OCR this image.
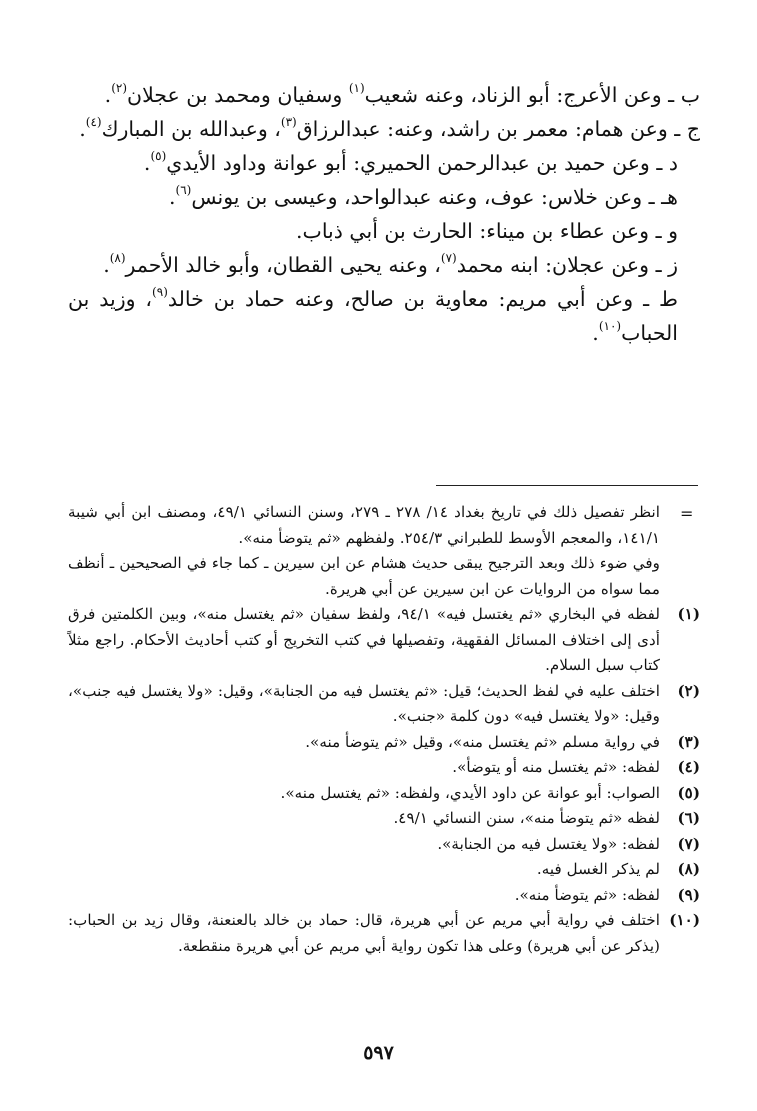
ب ـ وعن الأعرج: أبو الزناد، وعنه شعيب$^{(١)}$ وسفيان ومحمد بن عجلان$^{(٢)}$.

ج ـ وعن همام: معمر بن راشد، وعنه: عبدالرزاق$^{(٣)}$، وعبدالله بن المبارك$^{(٤)}$.

د ـ وعن حميد بن عبدالرحمن الحميري: أبو عوانة وداود الأيدي$^{(٥)}$.

هـ ـ وعن خلاس: عوف، وعنه عبدالواحد، وعيسى بن يونس$^{(٦)}$.

و ـ وعن عطاء بن ميناء: الحارث بن أبي ذباب.

ز ـ وعن عجلان: ابنه محمد$^{(٧)}$، وعنه يحيى القطان، وأبو خالد الأحمر$^{(٨)}$.

ط ـ وعن أبي مريم: معاوية بن صالح، وعنه حماد بن خالد$^{(٩)}$، وزيد بن الحباب$^{(١٠)}$.

=
انظر تفصيل ذلك في تاريخ بغداد ١٤/ ٢٧٨ ـ ٢٧٩، وسنن النسائي ٤٩/١، ومصنف ابن أبي شيبة ١٤١/١، والمعجم الأوسط للطبراني ٢٥٤/٣. ولفظهم «ثم يتوضأ منه».
وفي ضوء ذلك وبعد الترجيح يبقى حديث هشام عن ابن سيرين ـ كما جاء في الصحيحين ـ أنظف مما سواه من الروايات عن ابن سيرين عن أبي هريرة.
(١)
لفظه في البخاري «ثم يغتسل فيه» ٩٤/١، ولفظ سفيان «ثم يغتسل منه»، وبين الكلمتين فرق أدى إلى اختلاف المسائل الفقهية، وتفصيلها في كتب التخريج أو كتب أحاديث الأحكام. راجع مثلاً كتاب سبل السلام.
(٢)
اختلف عليه في لفظ الحديث؛ قيل: «ثم يغتسل فيه من الجنابة»، وقيل: «ولا يغتسل فيه جنب»، وقيل: «ولا يغتسل فيه» دون كلمة «جنب».
(٣)
في رواية مسلم «ثم يغتسل منه»، وقيل «ثم يتوضأ منه».
(٤)
لفظه: «ثم يغتسل منه أو يتوضأ».
(٥)
الصواب: أبو عوانة عن داود الأيدي، ولفظه: «ثم يغتسل منه».
(٦)
لفظه «ثم يتوضأ منه»، سنن النسائي ٤٩/١.
(٧)
لفظه: «ولا يغتسل فيه من الجنابة».
(٨)
لم يذكر الغسل فيه.
(٩)
لفظه: «ثم يتوضأ منه».
(١٠)
اختلف في رواية أبي مريم عن أبي هريرة، قال: حماد بن خالد بالعنعنة، وقال زيد بن الحباب: (يذكر عن أبي هريرة) وعلى هذا تكون رواية أبي مريم عن أبي هريرة منقطعة.
٥٩٧
